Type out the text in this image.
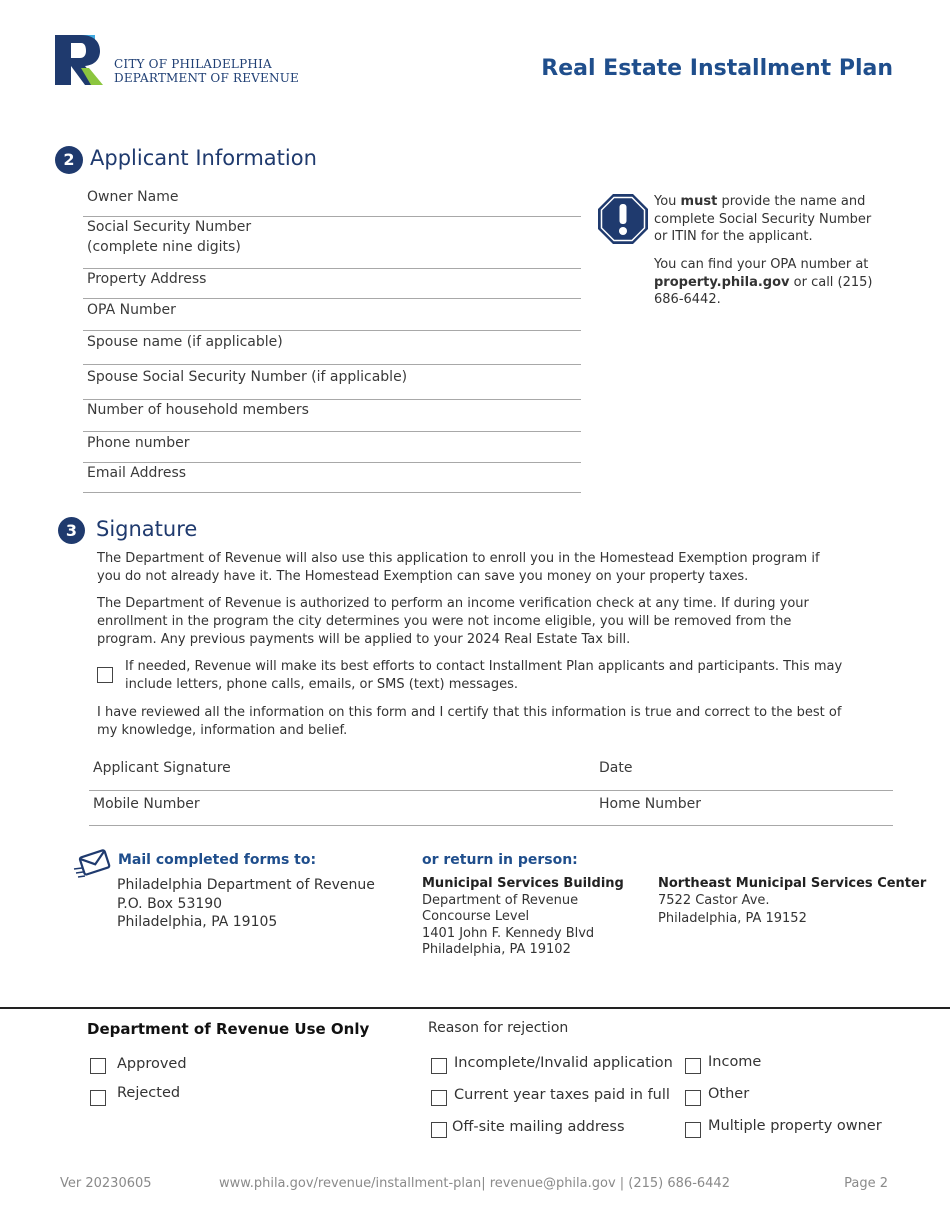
CITY OF PHILADELPHIA
DEPARTMENT OF REVENUE	Real Estate Installment Plan
2 Applicant Information
Owner Name
Social Security Number
(complete nine digits)
Property Address
OPA Number
Spouse name (if applicable)
Spouse Social Security Number (if applicable)
Number of household members
Phone number
Email Address
You must provide the name and complete Social Security Number or ITIN for the applicant.
You can find your OPA number at property.phila.gov or call (215) 686-6442.
3 Signature
The Department of Revenue will also use this application to enroll you in the Homestead Exemption program if you do not already have it. The Homestead Exemption can save you money on your property taxes.
The Department of Revenue is authorized to perform an income verification check at any time. If during your enrollment in the program the city determines you were not income eligible, you will be removed from the program. Any previous payments will be applied to your 2024 Real Estate Tax bill.
If needed, Revenue will make its best efforts to contact Installment Plan applicants and participants. This may include letters, phone calls, emails, or SMS (text) messages.
I have reviewed all the information on this form and I certify that this information is true and correct to the best of my knowledge, information and belief.
Applicant Signature	Date
Mobile Number	Home Number
Mail completed forms to:
Philadelphia Department of Revenue
P.O. Box 53190
Philadelphia, PA 19105
or return in person:
Municipal Services Building
Department of Revenue
Concourse Level
1401 John F. Kennedy Blvd
Philadelphia, PA 19102
Northeast Municipal Services Center
7522 Castor Ave.
Philadelphia, PA 19152
Department of Revenue Use Only
Approved
Rejected
Reason for rejection
Incomplete/Invalid application
Current year taxes paid in full
Off-site mailing address
Income
Other
Multiple property owner
Ver 20230605	www.phila.gov/revenue/installment-plan| revenue@phila.gov | (215) 686-6442	Page 2
